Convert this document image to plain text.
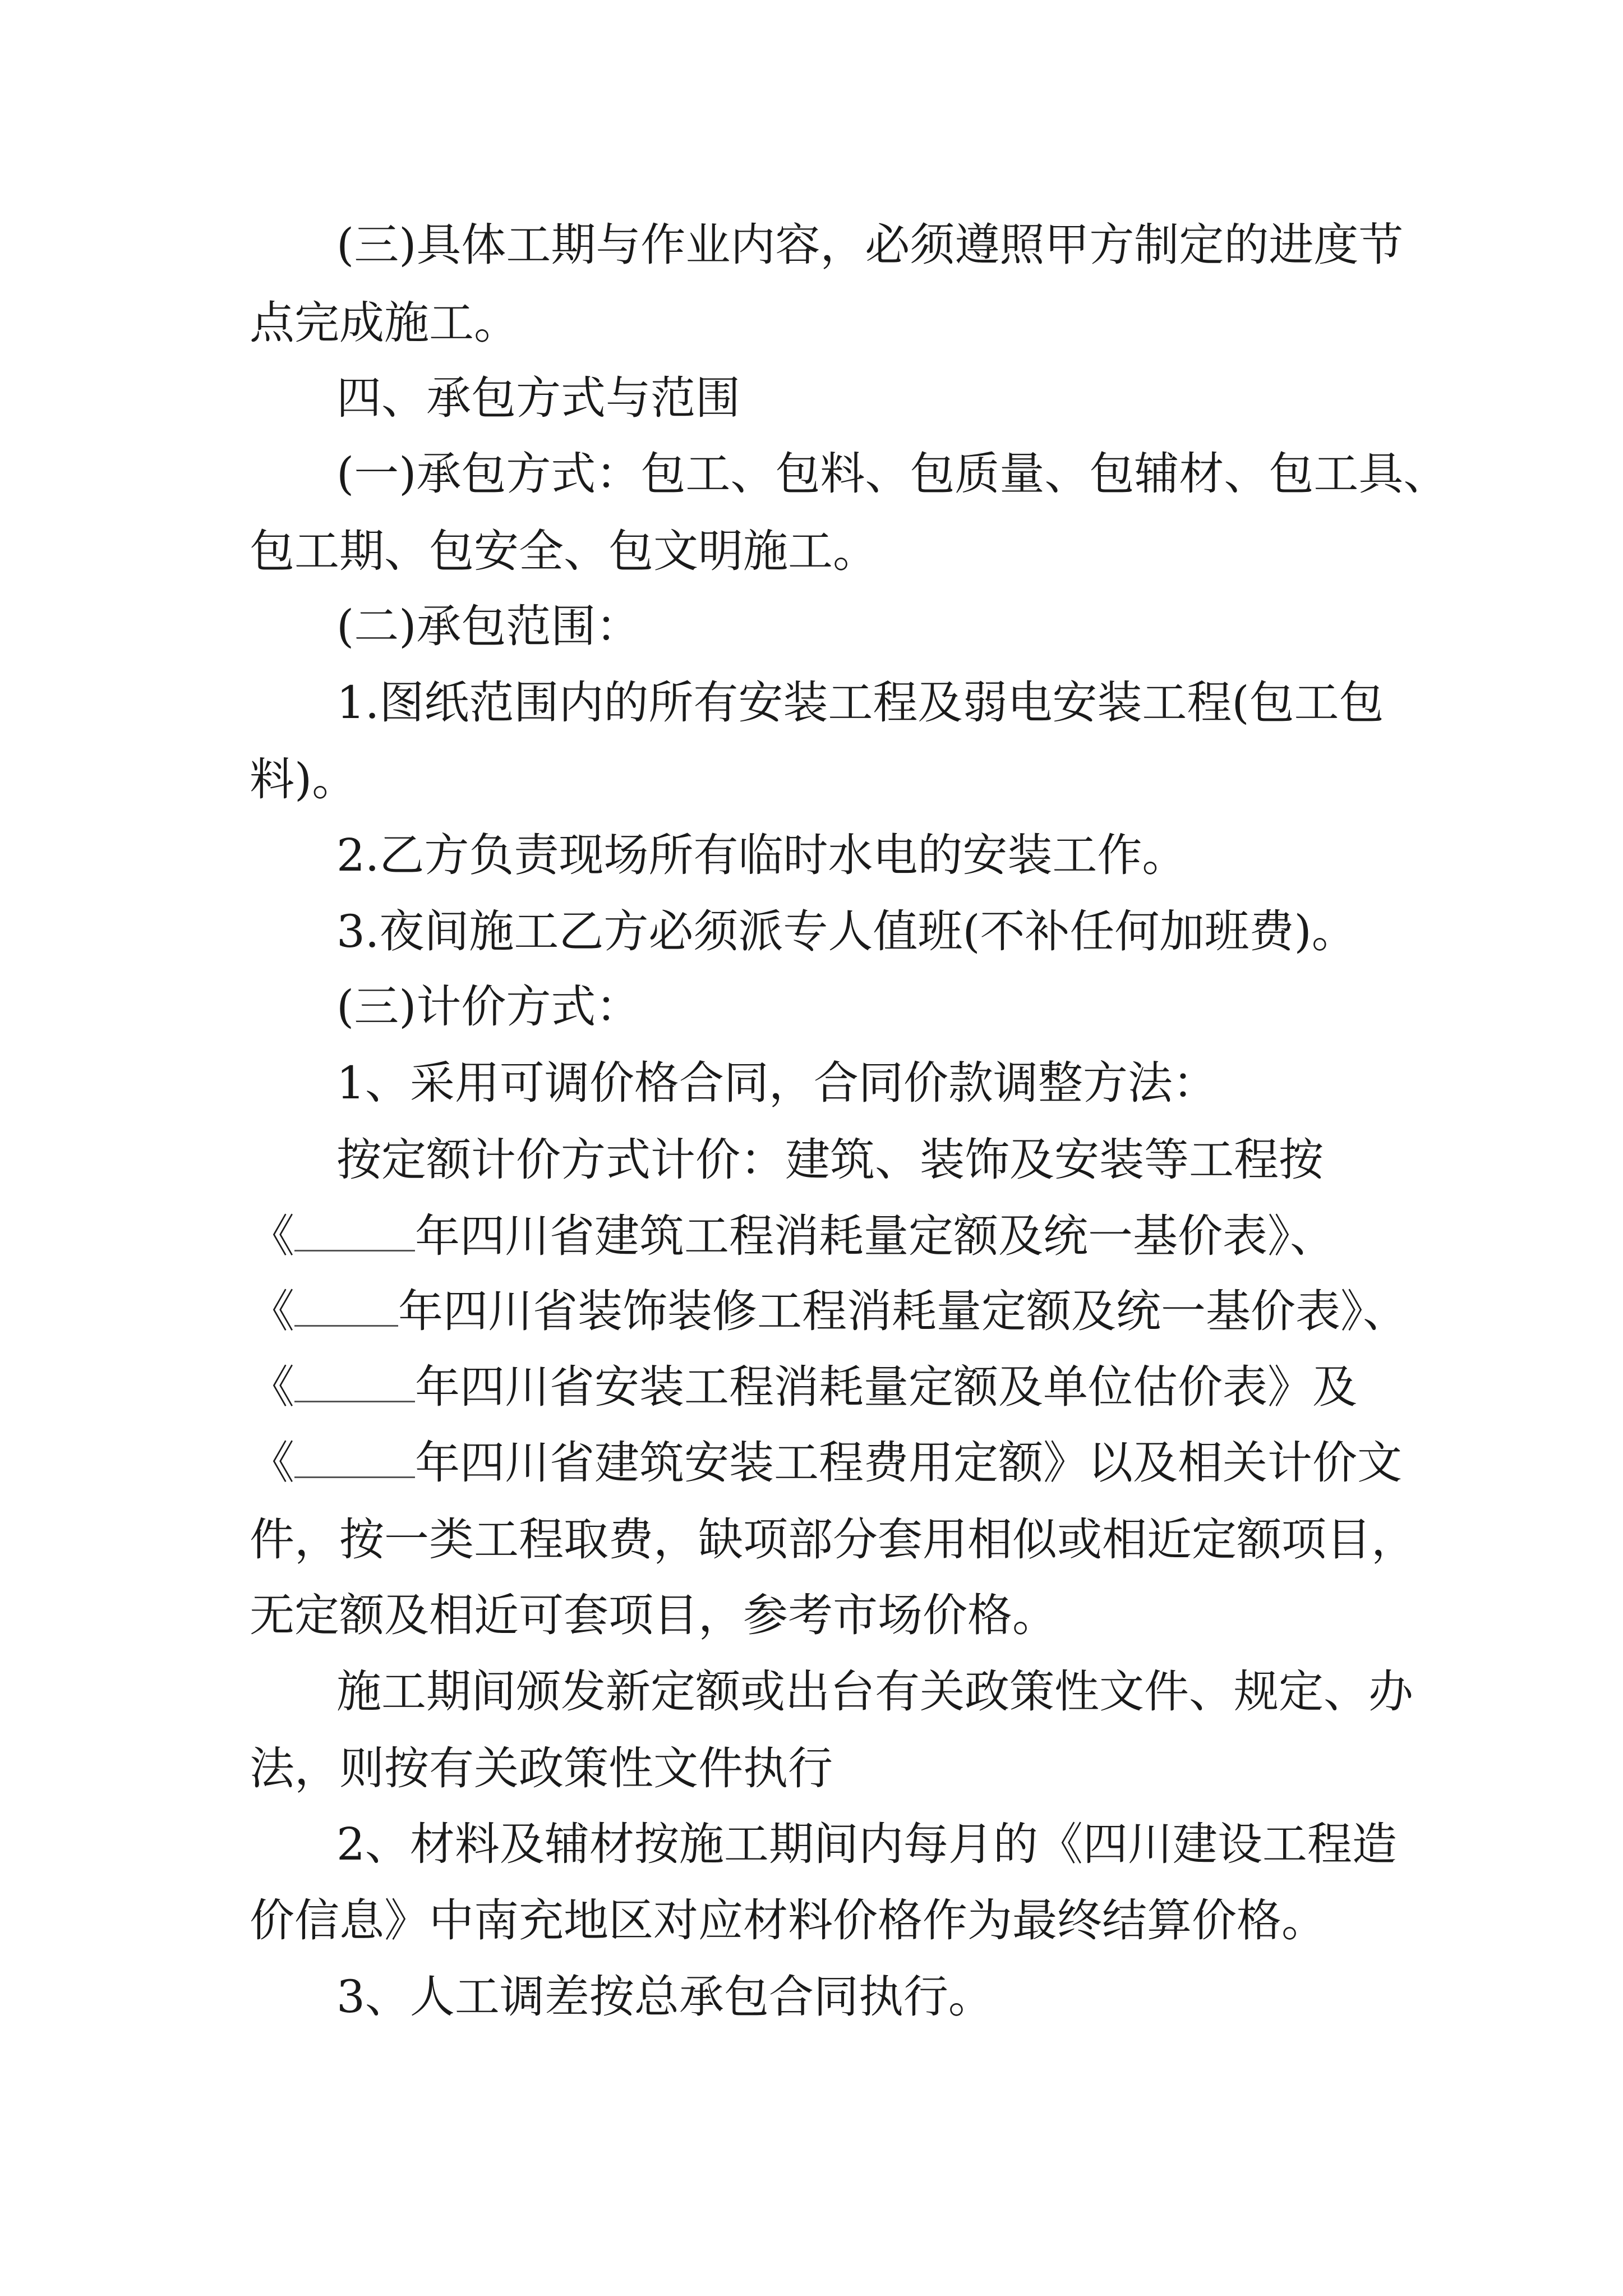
(三)具体工期与作业内容，必须遵照甲方制定的进度节
点完成施工。
四、承包方式与范围
(一)承包方式：包工、包料、包质量、包辅材、包工具、
包工期、包安全、包文明施工。
(二)承包范围：
1.图纸范围内的所有安装工程及弱电安装工程(包工包
料)。
2.乙方负责现场所有临时水电的安装工作。
3.夜间施工乙方必须派专人值班(不补任何加班费)。
(三)计价方式：
1、采用可调价格合同，合同价款调整方法：
按定额计价方式计价：建筑、装饰及安装等工程按
《	年四川省建筑工程消耗量定额及统一基价表》、
《 年四川省装饰装修工程消耗量定额及统一基价表》、
《	年四川省安装工程消耗量定额及单位估价表》及
《	年四川省建筑安装工程费用定额》以及相关计价文
件，按一类工程取费，缺项部分套用相似或相近定额项目，
无定额及相近可套项目，参考市场价格。
施工期间颁发新定额或出台有关政策性文件、规定、办
法，则按有关政策性文件执行
2、材料及辅材按施工期间内每月的《四川建设工程造
价信息》中南充地区对应材料价格作为最终结算价格。
3、人工调差按总承包合同执行。
